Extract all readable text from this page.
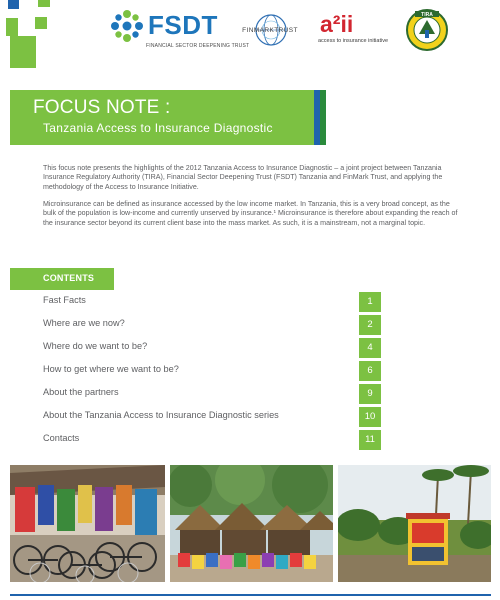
FSDT
FINANCIAL SECTOR DEEPENING TRUST
FINMARKTRUST a²ii
access to insurance initiative
TIRA
FOCUS NOTE :
Tanzania Access to Insurance Diagnostic

This focus note presents the highlights of the 2012 Tanzania Access to Insurance Diagnostic – a joint project between Tanzania Insurance Regulatory Authority (TIRA), Financial Sector Deepening Trust (FSDT) Tanzania and FinMark Trust, and applying the methodology of the Access to Insurance Initiative.

Microinsurance can be defined as insurance accessed by the low income market. In Tanzania, this is a very broad concept, as the bulk of the population is low-income and currently unserved by insurance.¹ Microinsurance is therefore about expanding the reach of the insurance sector beyond its current client base into the mass market. As such, it is a mainstream, not a marginal topic.

CONTENTS
Fast Facts	1
Where are we now?	2
Where do we want to be?	4
How to get where we want to be?	6
About the partners	9
About the Tanzania Access to Insurance Diagnostic series	10
Contacts	11
